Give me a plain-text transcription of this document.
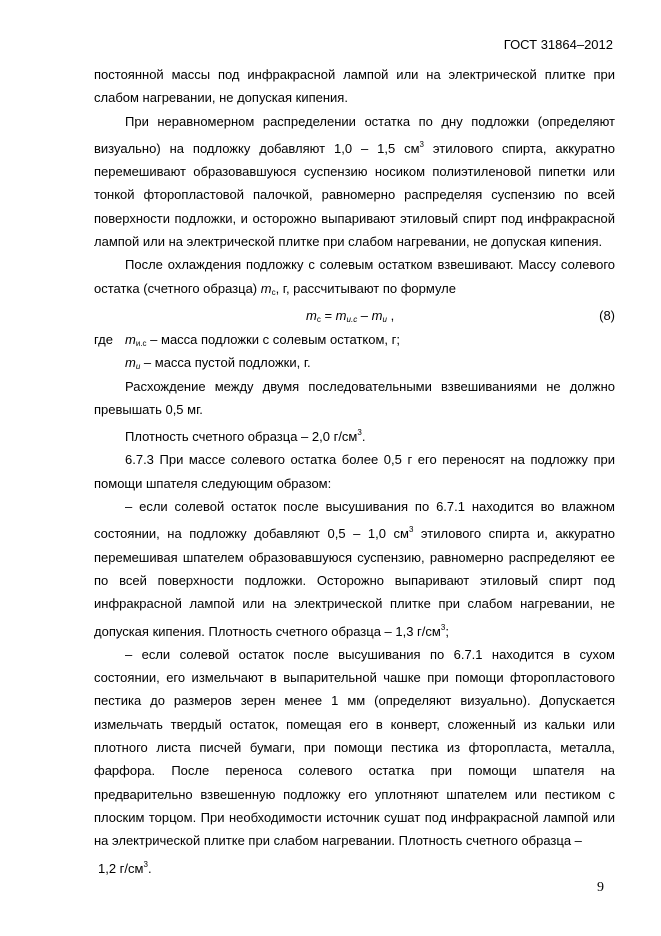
ГОСТ 31864–2012

постоянной массы под инфракрасной лампой или на электрической плитке при слабом нагревании, не допуская кипения.

При неравномерном распределении остатка по дну подложки (определяют визуально) на подложку добавляют 1,0 – 1,5 $см^3$ этилового спирта, аккуратно перемешивают образовавшуюся суспензию носиком полиэтиленовой пипетки или тонкой фторопластовой палочкой, равномерно распределяя суспензию по всей поверхности подложки, и осторожно выпаривают этиловый спирт под инфракрасной лампой или на электрической плитке при слабом нагревании, не допуская кипения.

После охлаждения подложку с солевым остатком взвешивают. Массу солевого остатка (счетного образца) $m_c$, г, рассчитывают по формуле

$m_c = m_{и.с} - m_и$ ,	(8)
где $m_{и.с}$ – масса подложки с солевым остатком, г;
$m_и$ – масса пустой подложки, г.

Расхождение между двумя последовательными взвешиваниями не должно превышать 0,5 мг.

Плотность счетного образца – 2,0 $г/см^3$.

6.7.3 При массе солевого остатка более 0,5 г его переносят на подложку при помощи шпателя следующим образом:

– если солевой остаток после высушивания по 6.7.1 находится во влажном состоянии, на подложку добавляют 0,5 – 1,0 $см^3$ этилового спирта и, аккуратно перемешивая шпателем образовавшуюся суспензию, равномерно распределяют ее по всей поверхности подложки. Осторожно выпаривают этиловый спирт под инфракрасной лампой или на электрической плитке при слабом нагревании, не допуская кипения. Плотность счетного образца – 1,3 $г/см^3$;

– если солевой остаток после высушивания по 6.7.1 находится в сухом состоянии, его измельчают в выпарительной чашке при помощи фторопластового пестика до размеров зерен менее 1 мм (определяют визуально). Допускается измельчать твердый остаток, помещая его в конверт, сложенный из кальки или плотного листа писчей бумаги, при помощи пестика из фторопласта, металла, фарфора. После переноса солевого остатка при помощи шпателя на предварительно взвешенную подложку его уплотняют шпателем или пестиком с плоским торцом. При необходимости источник сушат под инфракрасной лампой или на электрической плитке при слабом нагревании. Плотность счетного образца –

1,2 $г/см^3$.

9
